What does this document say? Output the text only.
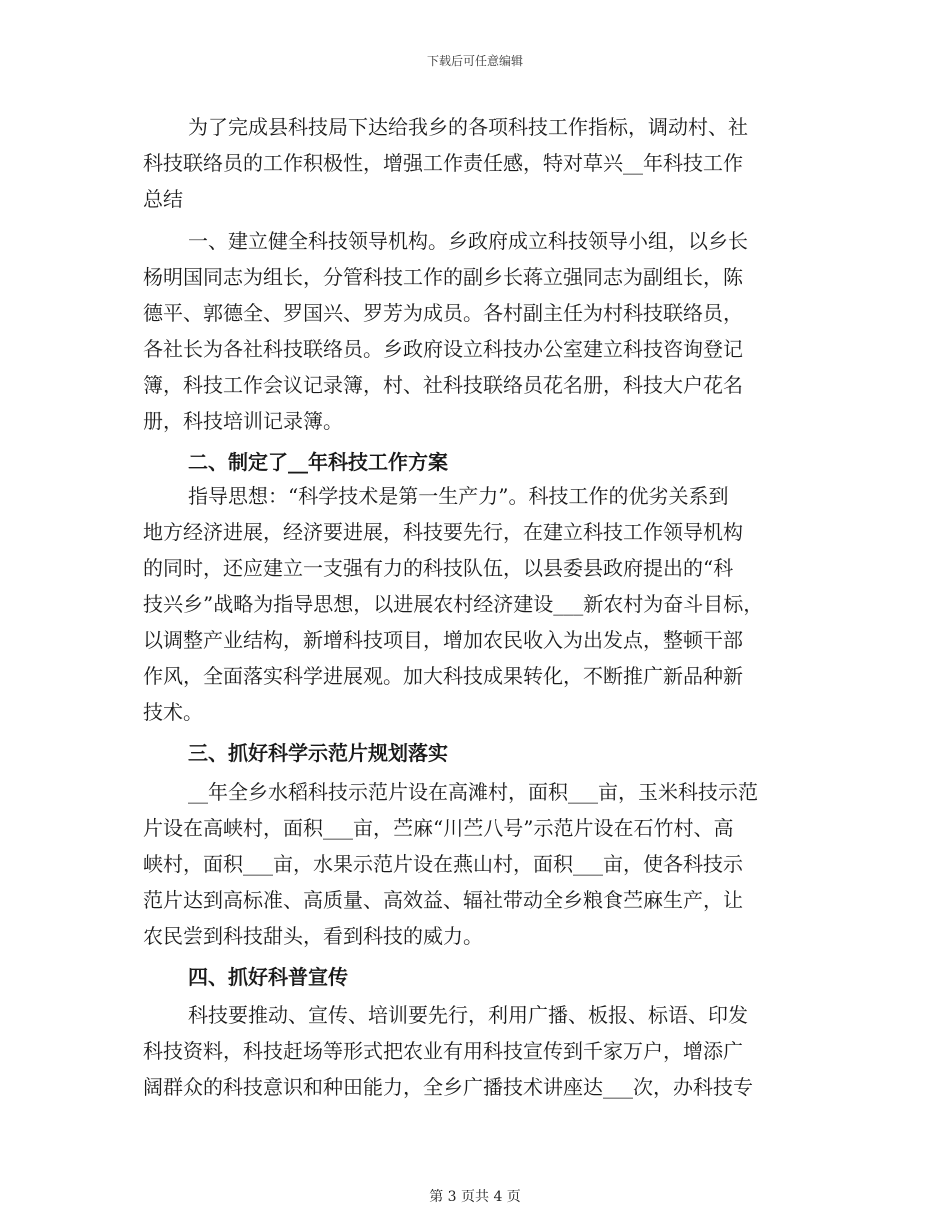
下载后可任意编辑
为了完成县科技局下达给我乡的各项科技工作指标，调动村、社
科技联络员的工作积极性，增强工作责任感，特对草兴__年科技工作
总结
一、建立健全科技领导机构。乡政府成立科技领导小组，以乡长
杨明国同志为组长，分管科技工作的副乡长蒋立强同志为副组长，陈
德平、郭德全、罗国兴、罗芳为成员。各村副主任为村科技联络员，
各社长为各社科技联络员。乡政府设立科技办公室建立科技咨询登记
簿，科技工作会议记录簿，村、社科技联络员花名册，科技大户花名
册，科技培训记录簿。
二、制定了__年科技工作方案
指导思想：“科学技术是第一生产力”。科技工作的优劣关系到
地方经济进展，经济要进展，科技要先行，在建立科技工作领导机构
的同时，还应建立一支强有力的科技队伍，以县委县政府提出的“科
技兴乡”战略为指导思想，以进展农村经济建设___新农村为奋斗目标，
以调整产业结构，新增科技项目，增加农民收入为出发点，整顿干部
作风，全面落实科学进展观。加大科技成果转化，不断推广新品种新
技术。
三、抓好科学示范片规划落实
__年全乡水稻科技示范片设在高滩村，面积___亩，玉米科技示范
片设在高峡村，面积___亩，苎麻“川苎八号”示范片设在石竹村、高
峡村，面积___亩，水果示范片设在燕山村，面积___亩，使各科技示
范片达到高标准、高质量、高效益、辐社带动全乡粮食苎麻生产，让
农民尝到科技甜头，看到科技的威力。
四、抓好科普宣传
科技要推动、宣传、培训要先行，利用广播、板报、标语、印发
科技资料，科技赶场等形式把农业有用科技宣传到千家万户，增添广
阔群众的科技意识和种田能力，全乡广播技术讲座达___次，办科技专
第 3 页共 4 页
